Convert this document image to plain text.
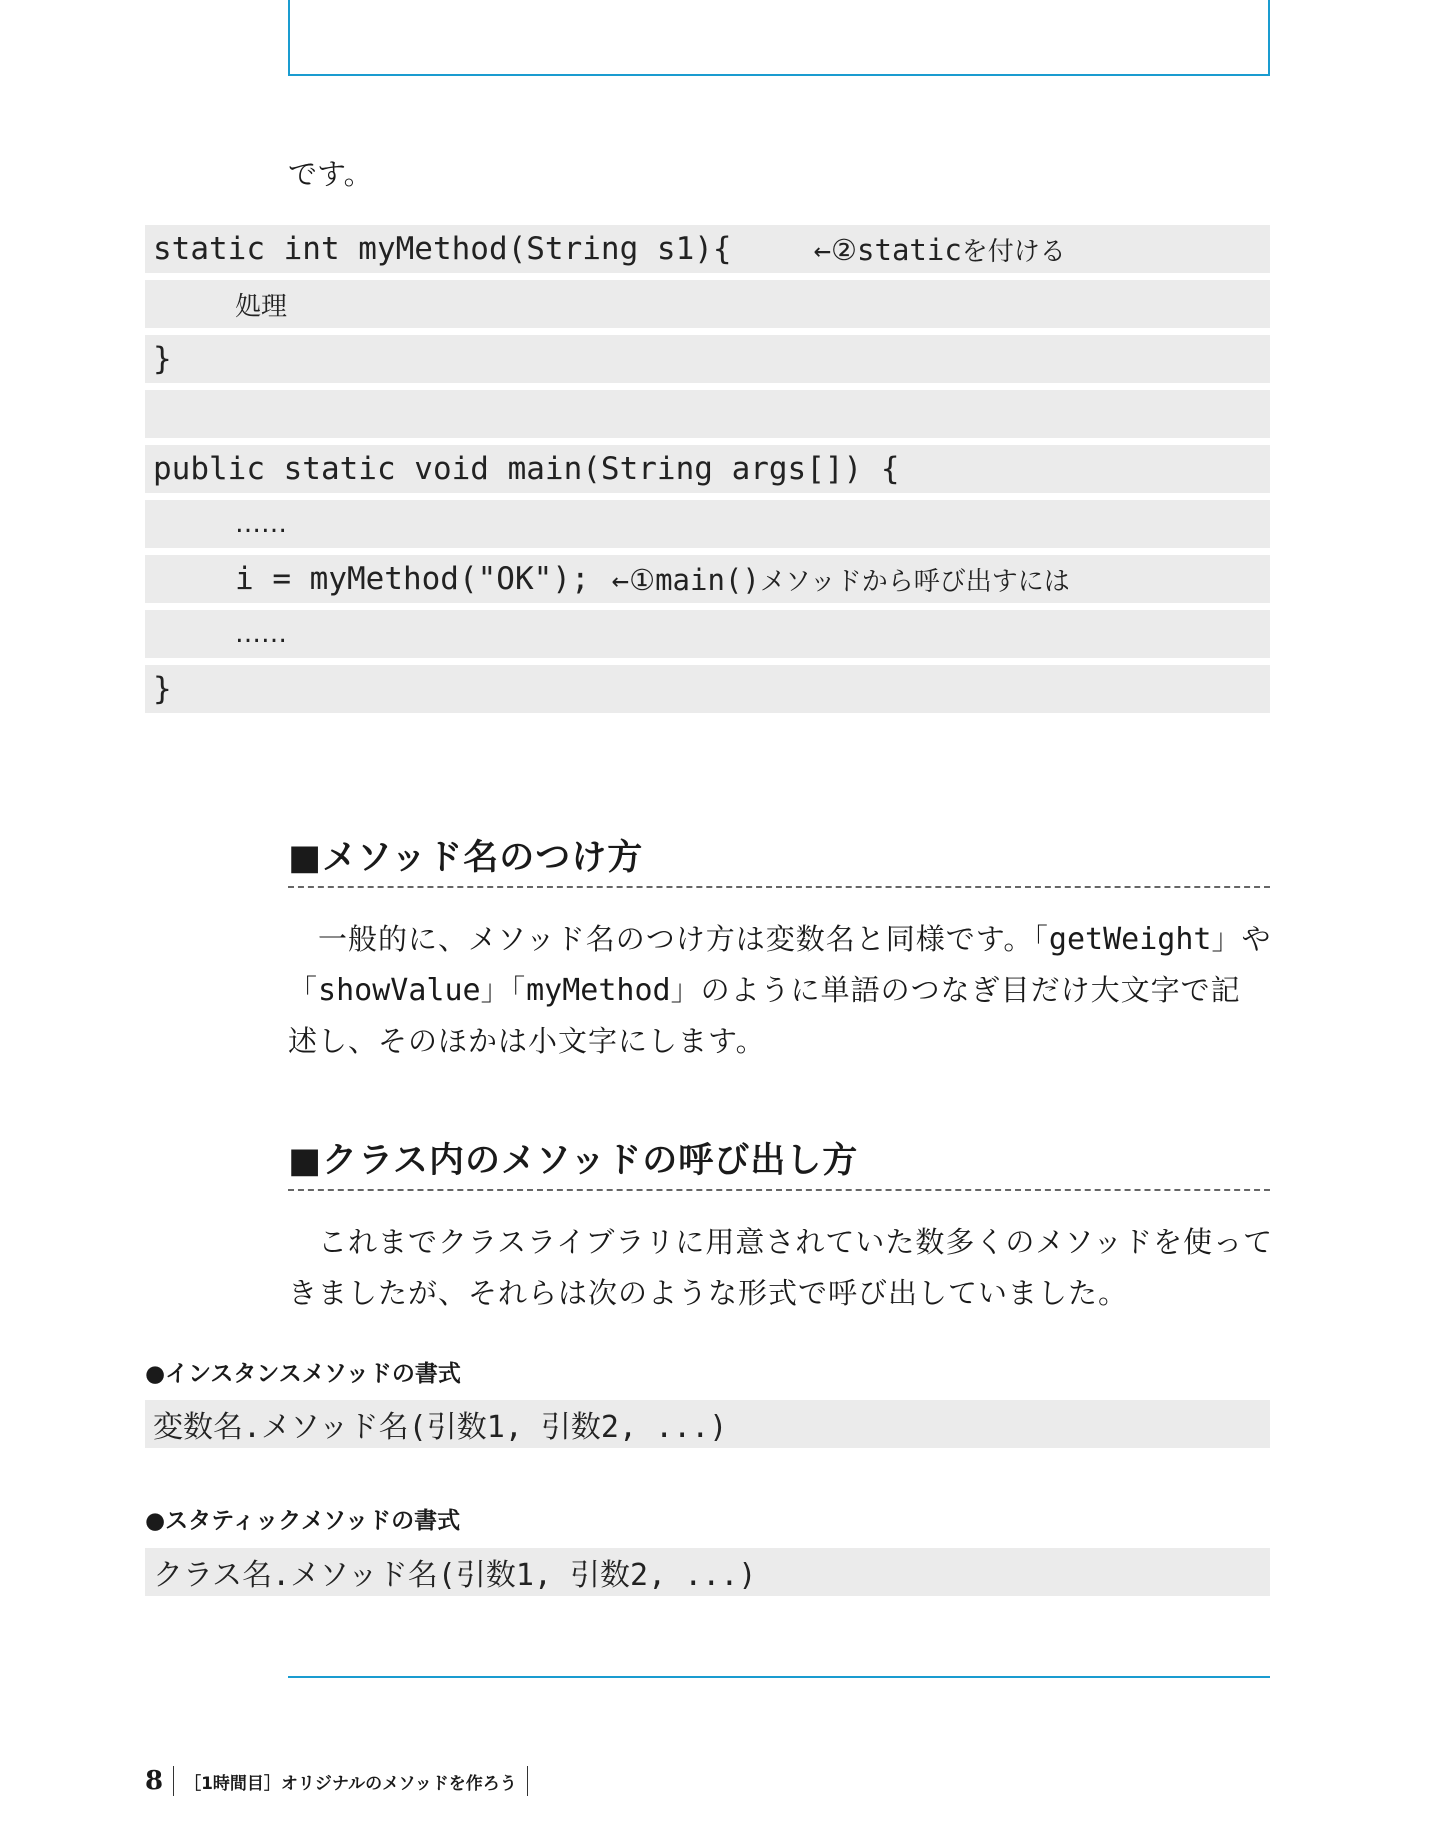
です。
static int myMethod(String s1){	←②staticを付ける
処理
}
public static void main(String args[]) {
……
i = myMethod("OK"); ←①main()メソッドから呼び出すには
……
}
■メソッド名のつけ方
　一般的に、メソッド名のつけ方は変数名と同様です。「getWeight」や
「showValue」「myMethod」のように単語のつなぎ目だけ大文字で記
述し、そのほかは小文字にします。
■クラス内のメソッドの呼び出し方
　これまでクラスライブラリに用意されていた数多くのメソッドを使って
きましたが、それらは次のような形式で呼び出していました。
●インスタンスメソッドの書式
変数名.メソッド名(引数1, 引数2, ...)
●スタティックメソッドの書式
クラス名.メソッド名(引数1, 引数2, ...)
8 ［1時間目］オリジナルのメソッドを作ろう
